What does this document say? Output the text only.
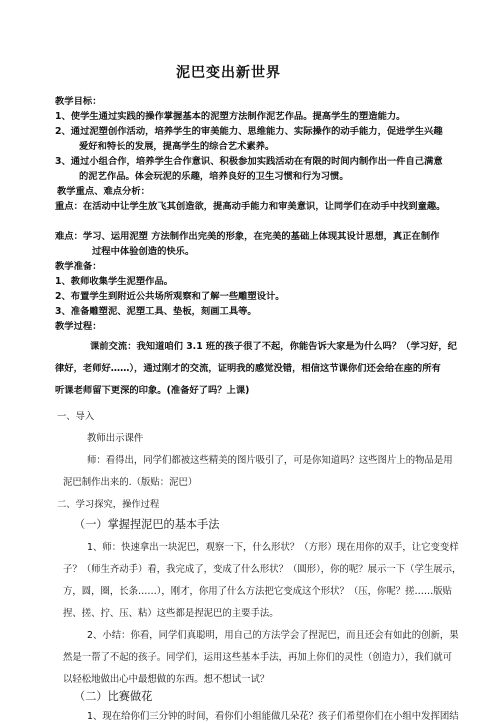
泥巴变出新世界
教学目标：
1、使学生通过实践的操作掌握基本的泥塑方法制作泥艺作品。提高学生的塑造能力。
2、通过泥塑创作活动，培养学生的审美能力、思维能力、实际操作的动手能力，促进学生兴趣
爱好和特长的发展，提高学生的综合艺术素养。
3、通过小组合作，培养学生合作意识、积极参加实践活动在有限的时间内制作出一件自己满意
的泥艺作品。体会玩泥的乐趣，培养良好的卫生习惯和行为习惯。
教学重点、难点分析：
重点：在活动中让学生放飞其创造欲，提高动手能力和审美意识，让同学们在动手中找到童趣。
难点：学习、运用泥塑 方法制作出完美的形象，在完美的基础上体现其设计思想，真正在制作
过程中体验创造的快乐。
教学准备：
1、教师收集学生泥塑作品。
2、布置学生到附近公共场所观察和了解一些雕塑设计。
3、准备雕塑泥、泥塑工具、垫板，刻画工具等。
教学过程：
课前交流：我知道咱们 3.1 班的孩子很了不起，你能告诉大家是为什么吗？（学习好，纪
律好，老师好……），通过刚才的交流，证明我的感觉没错，相信这节课你们还会给在座的所有
听课老师留下更深的印象。(准备好了吗？上课)
一、导入
教师出示课件
师：看得出，同学们都被这些精美的图片吸引了，可是你知道吗？这些图片上的物品是用
泥巴制作出来的.（版贴：泥巴）
二、学习探究，操作过程
（一）掌握捏泥巴的基本手法
1、师：快速拿出一块泥巴，观察一下，什么形状？（方形）现在用你的双手，让它变变样
子？（师生齐动手）看，我完成了，变成了什么形状？（圆形），你的呢？展示一下（学生展示，
方，圆，圈，长条……），刚才，你用了什么方法把它变成这个形状？（压，你呢？搓……版贴
捏、搓、拧、压、粘）这些都是捏泥巴的主要手法。
2、小结：你看，同学们真聪明，用自己的方法学会了捏泥巴，而且还会有如此的创新，果
然是一帮了不起的孩子。同学们，运用这些基本手法，再加上你们的灵性（创造力），我们就可
以轻松地做出心中最想做的东西。想不想试一试？
（二）比赛做花
1、现在给你们三分钟的时间，看你们小组能做几朵花？孩子们希望你们在小组中发挥团结
